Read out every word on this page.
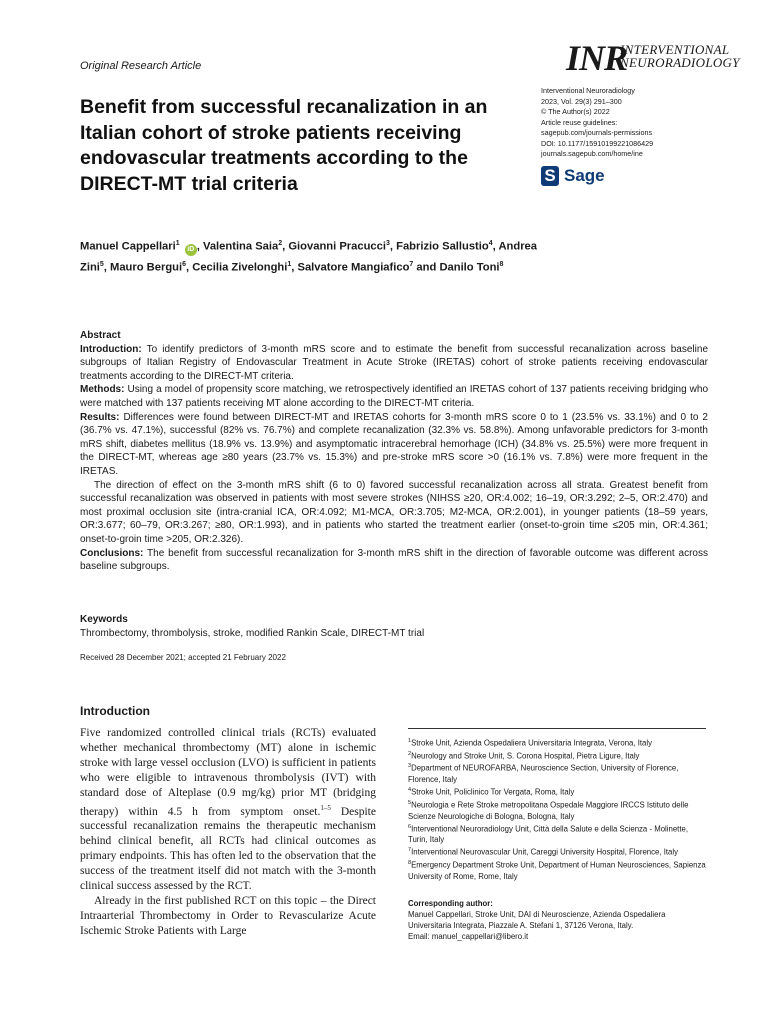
Original Research Article	INR
INTERVENTIONAL
NEURORADIOLOGY
Interventional Neuroradiology
2023, Vol. 29(3) 291–300
© The Author(s) 2022
Article reuse guidelines:
sagepub.com/journals-permissions
DOI: 10.1177/15910199221086429
journals.sagepub.com/home/ine
S Sage
Benefit from successful recanalization in an Italian cohort of stroke patients receiving endovascular treatments according to the DIRECT-MT trial criteria
Manuel Cappellari$^1$ iD , Valentina Saia$^2$, Giovanni Pracucci$^3$, Fabrizio Sallustio$^4$, Andrea Zini$^5$, Mauro Bergui$^6$, Cecilia Zivelonghi$^1$, Salvatore Mangiafico$^7$ and Danilo Toni$^8$

Abstract

Introduction: To identify predictors of 3-month mRS score and to estimate the benefit from successful recanalization across baseline subgroups of Italian Registry of Endovascular Treatment in Acute Stroke (IRETAS) cohort of stroke patients receiving endovascular treatments according to the DIRECT-MT criteria.

Methods: Using a model of propensity score matching, we retrospectively identified an IRETAS cohort of 137 patients receiving bridging who were matched with 137 patients receiving MT alone according to the DIRECT-MT criteria.

Results: Differences were found between DIRECT-MT and IRETAS cohorts for 3-month mRS score 0 to 1 (23.5% vs. 33.1%) and 0 to 2 (36.7% vs. 47.1%), successful (82% vs. 76.7%) and complete recanalization (32.3% vs. 58.8%). Among unfavorable predictors for 3-month mRS shift, diabetes mellitus (18.9% vs. 13.9%) and asymptomatic intracerebral hemorhage (ICH) (34.8% vs. 25.5%) were more frequent in the DIRECT-MT, whereas age ≥80 years (23.7% vs. 15.3%) and pre-stroke mRS score >0 (16.1% vs. 7.8%) were more frequent in the IRETAS.

The direction of effect on the 3-month mRS shift (6 to 0) favored successful recanalization across all strata. Greatest benefit from successful recanalization was observed in patients with most severe strokes (NIHSS ≥20, OR:4.002; 16–19, OR:3.292; 2–5, OR:2.470) and most proximal occlusion site (intra-cranial ICA, OR:4.092; M1-MCA, OR:3.705; M2-MCA, OR:2.001), in younger patients (18–59 years, OR:3.677; 60–79, OR:3.267; ≥80, OR:1.993), and in patients who started the treatment earlier (onset-to-groin time ≤205 min, OR:4.361; onset-to-groin time >205, OR:2.326).

Conclusions: The benefit from successful recanalization for 3-month mRS shift in the direction of favorable outcome was different across baseline subgroups.

Keywords
Thrombectomy, thrombolysis, stroke, modified Rankin Scale, DIRECT-MT trial
Received 28 December 2021; accepted 21 February 2022
Introduction

Five randomized controlled clinical trials (RCTs) evaluated whether mechanical thrombectomy (MT) alone in ischemic stroke with large vessel occlusion (LVO) is sufficient in patients who were eligible to intravenous thrombolysis (IVT) with standard dose of Alteplase (0.9 mg/kg) prior MT (bridging therapy) within 4.5 h from symptom onset.$^{1-5}$ Despite successful recanalization remains the therapeutic mechanism behind clinical benefit, all RCTs had clinical outcomes as primary endpoints. This has often led to the observation that the success of the treatment itself did not match with the 3-month clinical success assessed by the RCT.

Already in the first published RCT on this topic – the Direct Intraarterial Thrombectomy in Order to Revascularize Acute Ischemic Stroke Patients with Large

$^1$Stroke Unit, Azienda Ospedaliera Universitaria Integrata, Verona, Italy
$^2$Neurology and Stroke Unit, S. Corona Hospital, Pietra Ligure, Italy
$^3$Department of NEUROFARBA, Neuroscience Section, University of Florence, Florence, Italy
$^4$Stroke Unit, Policlinico Tor Vergata, Roma, Italy
$^5$Neurologia e Rete Stroke metropolitana Ospedale Maggiore IRCCS Istituto delle Scienze Neurologiche di Bologna, Bologna, Italy
$^6$Interventional Neuroradiology Unit, Città della Salute e della Scienza - Molinette, Turin, Italy
$^7$Interventional Neurovascular Unit, Careggi University Hospital, Florence, Italy
$^8$Emergency Department Stroke Unit, Department of Human Neurosciences, Sapienza University of Rome, Rome, Italy
Corresponding author:
Manuel Cappellari, Stroke Unit, DAI di Neuroscienze, Azienda Ospedaliera Universitaria Integrata, Piazzale A. Stefani 1, 37126 Verona, Italy.
Email: manuel_cappellari@libero.it
